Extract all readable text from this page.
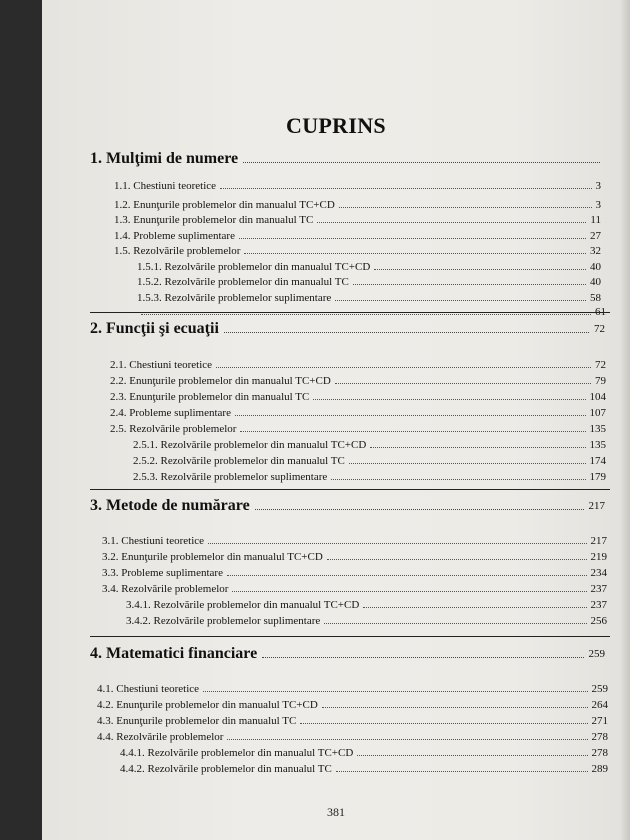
CUPRINS
1. Mulţimi de numere
1.1. Chestiuni teoretice	3
1.2. Enunţurile problemelor din manualul TC+CD	3
1.3. Enunţurile problemelor din manualul TC	11
1.4. Probleme suplimentare	27
1.5. Rezolvările problemelor	32
1.5.1. Rezolvările problemelor din manualul TC+CD	40
1.5.2. Rezolvările problemelor din manualul TC	40
1.5.3. Rezolvările problemelor suplimentare	58
61
2. Funcţii şi ecuaţii	72
2.1. Chestiuni teoretice	72
2.2. Enunţurile problemelor din manualul TC+CD	79
2.3. Enunţurile problemelor din manualul TC	104
2.4. Probleme suplimentare	107
2.5. Rezolvările problemelor	135
2.5.1. Rezolvările problemelor din manualul TC+CD	135
2.5.2. Rezolvările problemelor din manualul TC	174
2.5.3. Rezolvările problemelor suplimentare	179
3. Metode de numărare	217
3.1. Chestiuni teoretice	217
3.2. Enunţurile problemelor din manualul TC+CD	219
3.3. Probleme suplimentare	234
3.4. Rezolvările problemelor	237
3.4.1. Rezolvările problemelor din manualul TC+CD	237
3.4.2. Rezolvările problemelor suplimentare	256
4. Matematici financiare	259
4.1. Chestiuni teoretice	259
4.2. Enunţurile problemelor din manualul TC+CD	264
4.3. Enunţurile problemelor din manualul TC	271
4.4. Rezolvările problemelor	278
4.4.1. Rezolvările problemelor din manualul TC+CD	278
4.4.2. Rezolvările problemelor din manualul TC	289
381
